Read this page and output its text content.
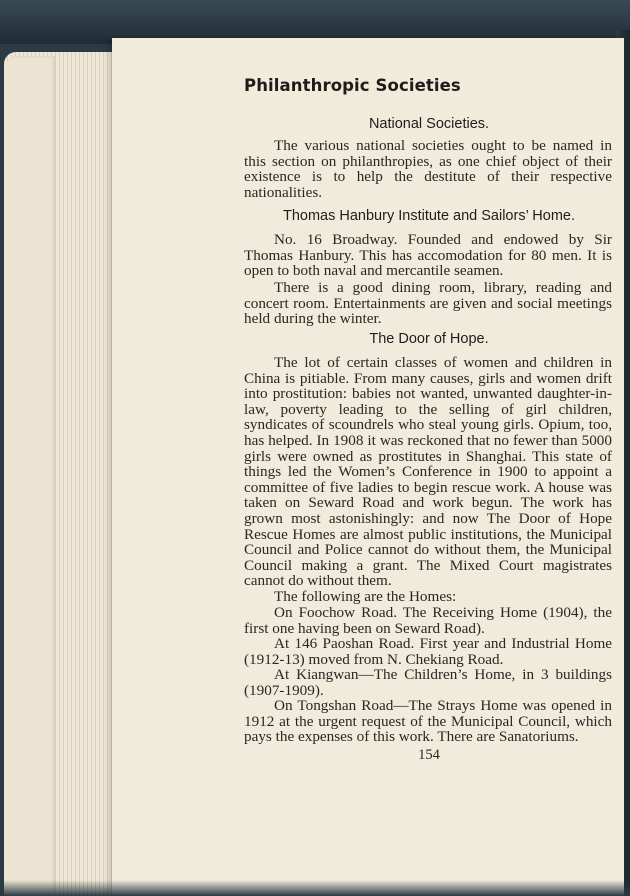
Philanthropic Societies
National Societies.

The various national societies ought to be named in this section on philanthropies, as one chief object of their existence is to help the destitute of their respective nationalities.

Thomas Hanbury Institute and Sailors’ Home.

No. 16 Broadway. Founded and endowed by Sir Thomas Hanbury. This has accomodation for 80 men. It is open to both naval and mercantile seamen.

There is a good dining room, library, reading and concert room. Entertainments are given and social meetings held during the winter.

The Door of Hope.

The lot of certain classes of women and children in China is pitiable. From many causes, girls and women drift into prostitution: babies not wanted, unwanted daughter-in-law, poverty leading to the selling of girl children, syndicates of scoundrels who steal young girls. Opium, too, has helped. In 1908 it was reckoned that no fewer than 5000 girls were owned as prostitutes in Shanghai. This state of things led the Women’s Conference in 1900 to appoint a committee of five ladies to begin rescue work. A house was taken on Seward Road and work begun. The work has grown most astonishingly: and now The Door of Hope Rescue Homes are almost public institutions, the Municipal Council and Police cannot do without them, the Municipal Council making a grant. The Mixed Court magistrates cannot do without them.

The following are the Homes:

On Foochow Road. The Receiving Home (1904), the first one having been on Seward Road).

At 146 Paoshan Road. First year and Industrial Home (1912-13) moved from N. Chekiang Road.

At Kiangwan—The Children’s Home, in 3 buildings (1907-1909).

On Tongshan Road—The Strays Home was opened in 1912 at the urgent request of the Municipal Council, which pays the expenses of this work. There are Sanatoriums.

154
